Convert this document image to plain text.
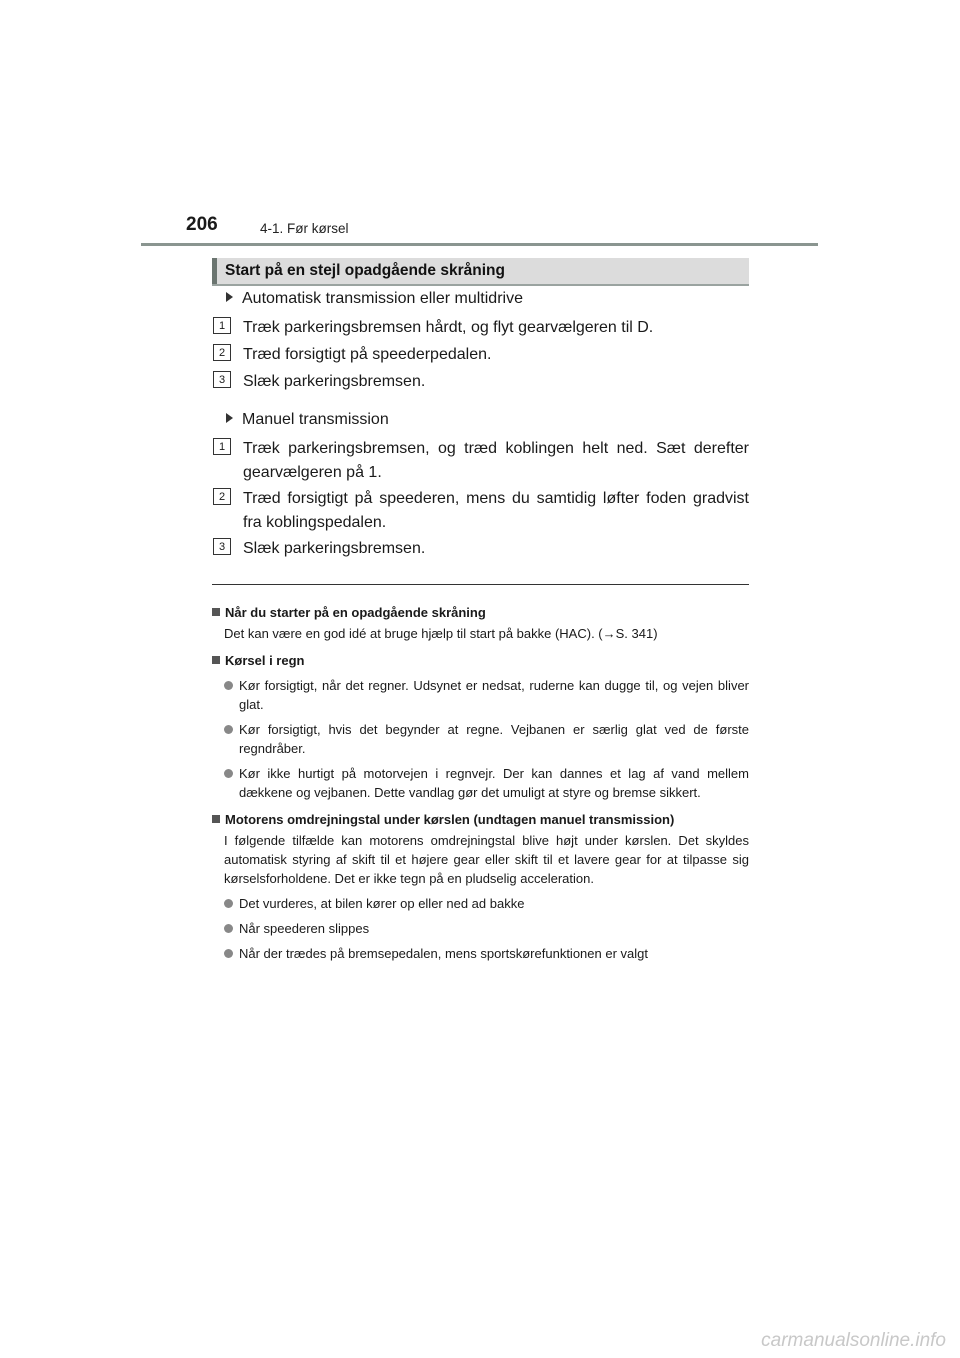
206	4-1. Før kørsel
Start på en stejl opadgående skråning
Automatisk transmission eller multidrive
1	Træk parkeringsbremsen hårdt, og flyt gearvælgeren til D.
2	Træd forsigtigt på speederpedalen.
3	Slæk parkeringsbremsen.
Manuel transmission
1	Træk parkeringsbremsen, og træd koblingen helt ned. Sæt derefter gearvælgeren på 1.
2	Træd forsigtigt på speederen, mens du samtidig løfter foden gradvist fra koblingspedalen.
3	Slæk parkeringsbremsen.
Når du starter på en opadgående skråning
Det kan være en god idé at bruge hjælp til start på bakke (HAC). (→S. 341)
Kørsel i regn
Kør forsigtigt, når det regner. Udsynet er nedsat, ruderne kan dugge til, og vejen bliver glat.
Kør forsigtigt, hvis det begynder at regne. Vejbanen er særlig glat ved de første regndråber.
Kør ikke hurtigt på motorvejen i regnvejr. Der kan dannes et lag af vand mellem dækkene og vejbanen. Dette vandlag gør det umuligt at styre og bremse sikkert.
Motorens omdrejningstal under kørslen (undtagen manuel transmission)
I følgende tilfælde kan motorens omdrejningstal blive højt under kørslen. Det skyldes automatisk styring af skift til et højere gear eller skift til et lavere gear for at tilpasse sig kørselsforholdene. Det er ikke tegn på en pludselig acceleration.
Det vurderes, at bilen kører op eller ned ad bakke
Når speederen slippes
Når der trædes på bremsepedalen, mens sportskørefunktionen er valgt
carmanualsonline.info
